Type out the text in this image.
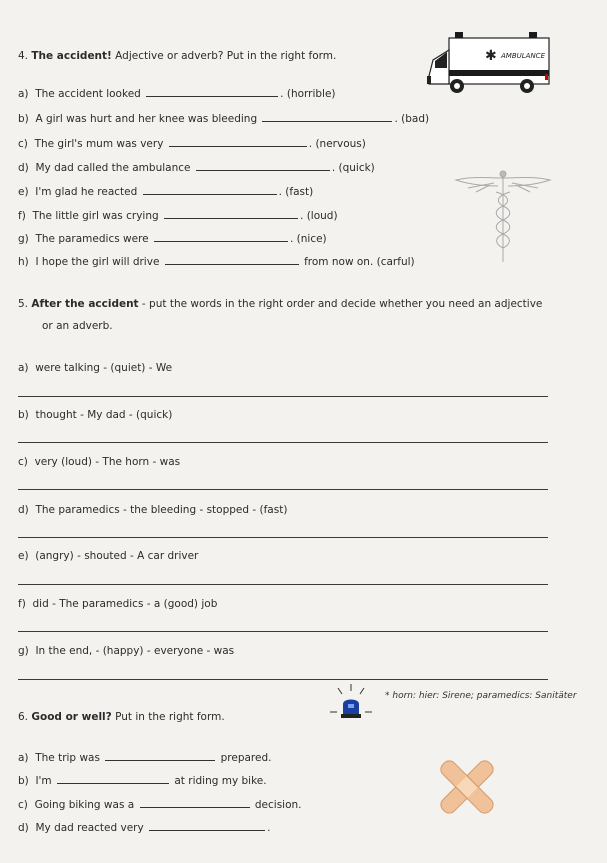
4. The accident! Adjective or adverb? Put in the right form.
a) The accident looked	. (horrible)
b) A girl was hurt and her knee was bleeding	. (bad)
c) The girl's mum was very	. (nervous)
d) My dad called the ambulance	. (quick)
e) I'm glad he reacted	. (fast)
f) The little girl was crying	. (loud)
g) The paramedics were	. (nice)
h) I hope the girl will drive	from now on. (carful)
✱ AMBULANCE
5. After the accident - put the words in the right order and decide whether you need an adjective
or an adverb.
a) were talking - (quiet) - We
b) thought - My dad - (quick)
c) very (loud) - The horn - was
d) The paramedics - the bleeding - stopped - (fast)
e) (angry) - shouted - A car driver
f) did - The paramedics - a (good) job
g) In the end, - (happy) - everyone - was
* horn: hier: Sirene; paramedics: Sanitäter
6. Good or well? Put in the right form.
a) The trip was	prepared.
b) I'm	at riding my bike.
c) Going biking was a	decision.
d) My dad reacted very	.
